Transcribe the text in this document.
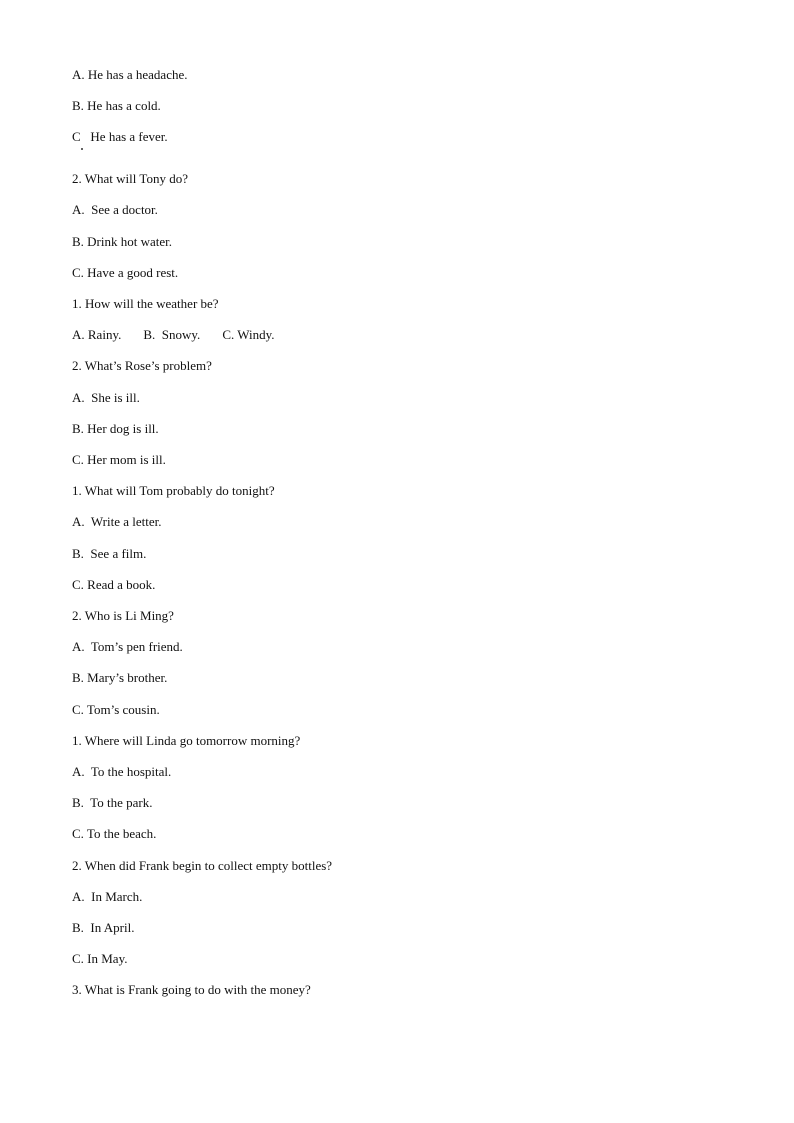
A. He has a headache.
B. He has a cold.
C   He has a fever.
2. What will Tony do?
A.  See a doctor.
B. Drink hot water.
C. Have a good rest.
1. How will the weather be?
A. Rainy. B.  Snowy. C. Windy.
2. What’s Rose’s problem?
A.  She is ill.
B. Her dog is ill.
C. Her mom is ill.
1. What will Tom probably do tonight?
A.  Write a letter.
B.  See a film.
C. Read a book.
2. Who is Li Ming?
A.  Tom’s pen friend.
B. Mary’s brother.
C. Tom’s cousin.
1. Where will Linda go tomorrow morning?
A.  To the hospital.
B.  To the park.
C. To the beach.
2. When did Frank begin to collect empty bottles?
A.  In March.
B.  In April.
C. In May.
3. What is Frank going to do with the money?
